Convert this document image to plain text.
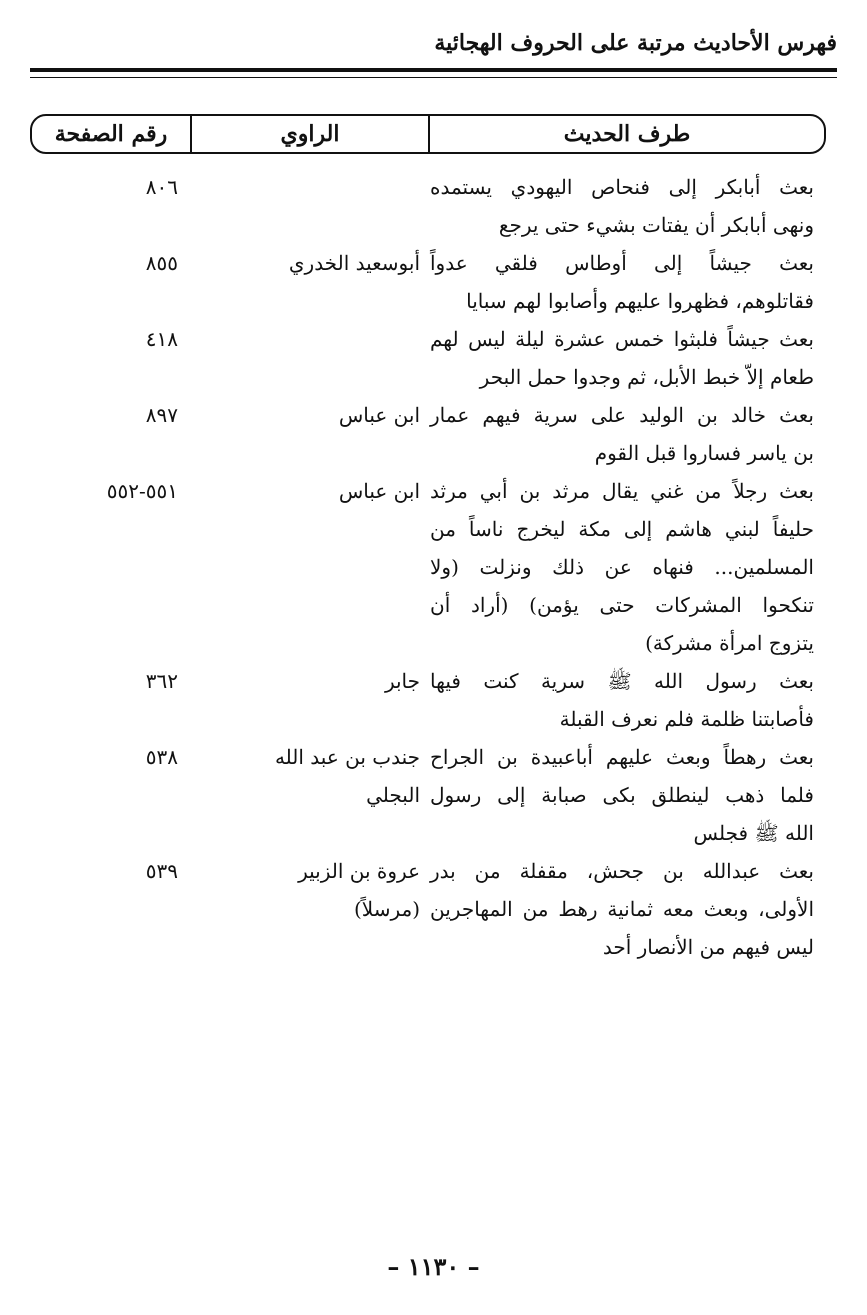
فهرس الأحاديث مرتبة على الحروف الهجائية
طرف الحديث
الراوي
رقم الصفحة
بعث أبابكر إلى فنحاص اليهودي يستمده
ونهى أبابكر أن يفتات بشيء حتى يرجع
٨٠٦
بعث جيشاً إلى أوطاس فلقي عدواً
فقاتلوهم، فظهروا عليهم وأصابوا لهم سبايا
أبوسعيد الخدري
٨٥٥
بعث جيشاً فلبثوا خمس عشرة ليلة ليس لهم
طعام إلاّ خبط الأبل، ثم وجدوا حمل البحر
٤١٨
بعث خالد بن الوليد على سرية فيهم عمار
بن ياسر فساروا قبل القوم
ابن عباس
٨٩٧
بعث رجلاً من غني يقال مرثد بن أبي مرثد
حليفاً لبني هاشم إلى مكة ليخرج ناساً من
المسلمين... فنهاه عن ذلك ونزلت (ولا
تنكحوا المشركات حتى يؤمن) (أراد أن
يتزوج امرأة مشركة)
ابن عباس
٥٥١-٥٥٢
بعث رسول الله ﷺ سرية كنت فيها
فأصابتنا ظلمة فلم نعرف القبلة
جابر
٣٦٢
بعث رهطاً وبعث عليهم أباعبيدة بن الجراح
فلما ذهب لينطلق بكى صبابة إلى رسول
الله ﷺ فجلس
جندب بن عبد الله
البجلي
٥٣٨
بعث عبدالله بن جحش، مقفلة من بدر
الأولى، وبعث معه ثمانية رهط من المهاجرين
ليس فيهم من الأنصار أحد
عروة بن الزبير
(مرسلاً)
٥٣٩
– ١١٣٠ –
